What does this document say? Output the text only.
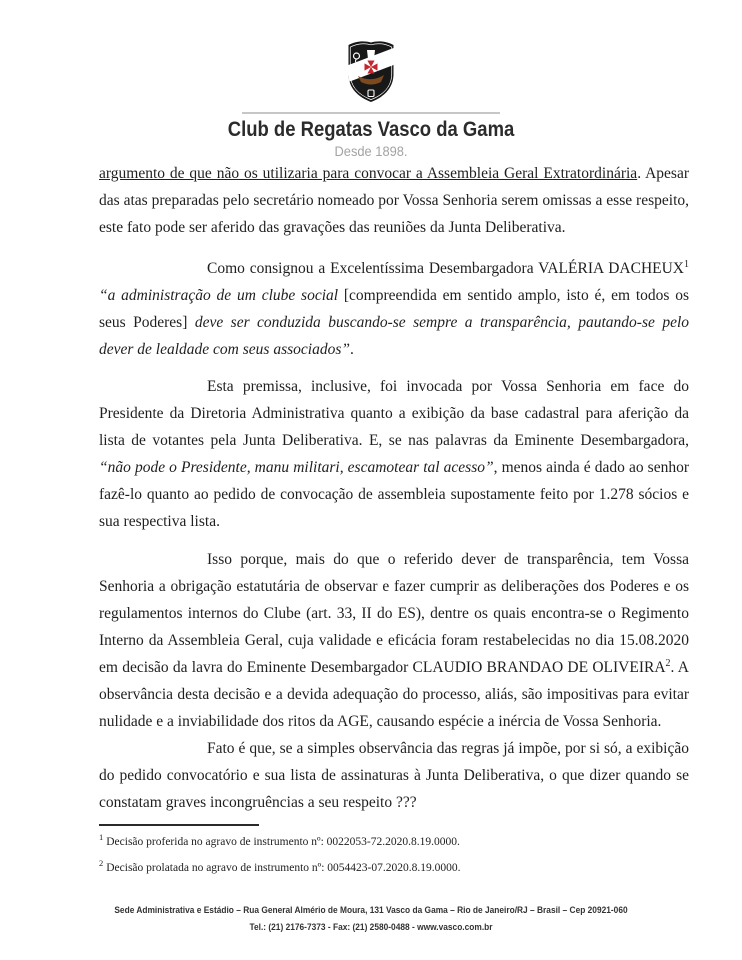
Club de Regatas Vasco da Gama
Desde 1898.

argumento de que não os utilizaria para convocar a Assembleia Geral Extratordinária. Apesar das atas preparadas pelo secretário nomeado por Vossa Senhoria serem omissas a esse respeito, este fato pode ser aferido das gravações das reuniões da Junta Deliberativa.

Como consignou a Excelentíssima Desembargadora VALÉRIA DACHEUX$^1$ “a administração de um clube social [compreendida em sentido amplo, isto é, em todos os seus Poderes] deve ser conduzida buscando-se sempre a transparência, pautando-se pelo dever de lealdade com seus associados”.

Esta premissa, inclusive, foi invocada por Vossa Senhoria em face do Presidente da Diretoria Administrativa quanto a exibição da base cadastral para aferição da lista de votantes pela Junta Deliberativa. E, se nas palavras da Eminente Desembargadora, “não pode o Presidente, manu militari, escamotear tal acesso”, menos ainda é dado ao senhor fazê-lo quanto ao pedido de convocação de assembleia supostamente feito por 1.278 sócios e sua respectiva lista.

Isso porque, mais do que o referido dever de transparência, tem Vossa Senhoria a obrigação estatutária de observar e fazer cumprir as deliberações dos Poderes e os regulamentos internos do Clube (art. 33, II do ES), dentre os quais encontra-se o Regimento Interno da Assembleia Geral, cuja validade e eficácia foram restabelecidas no dia 15.08.2020 em decisão da lavra do Eminente Desembargador CLAUDIO BRANDAO DE OLIVEIRA$^2$. A observância desta decisão e a devida adequação do processo, aliás, são impositivas para evitar nulidade e a inviabilidade dos ritos da AGE, causando espécie a inércia de Vossa Senhoria.

Fato é que, se a simples observância das regras já impõe, por si só, a exibição do pedido convocatório e sua lista de assinaturas à Junta Deliberativa, o que dizer quando se constatam graves incongruências a seu respeito ???

$^1$ Decisão proferida no agravo de instrumento nº: 0022053-72.2020.8.19.0000.
$^2$ Decisão prolatada no agravo de instrumento nº: 0054423-07.2020.8.19.0000.
Sede Administrativa e Estádio – Rua General Almério de Moura, 131 Vasco da Gama – Rio de Janeiro/RJ – Brasil – Cep 20921-060
Tel.: (21) 2176-7373 - Fax: (21) 2580-0488 - www.vasco.com.br
